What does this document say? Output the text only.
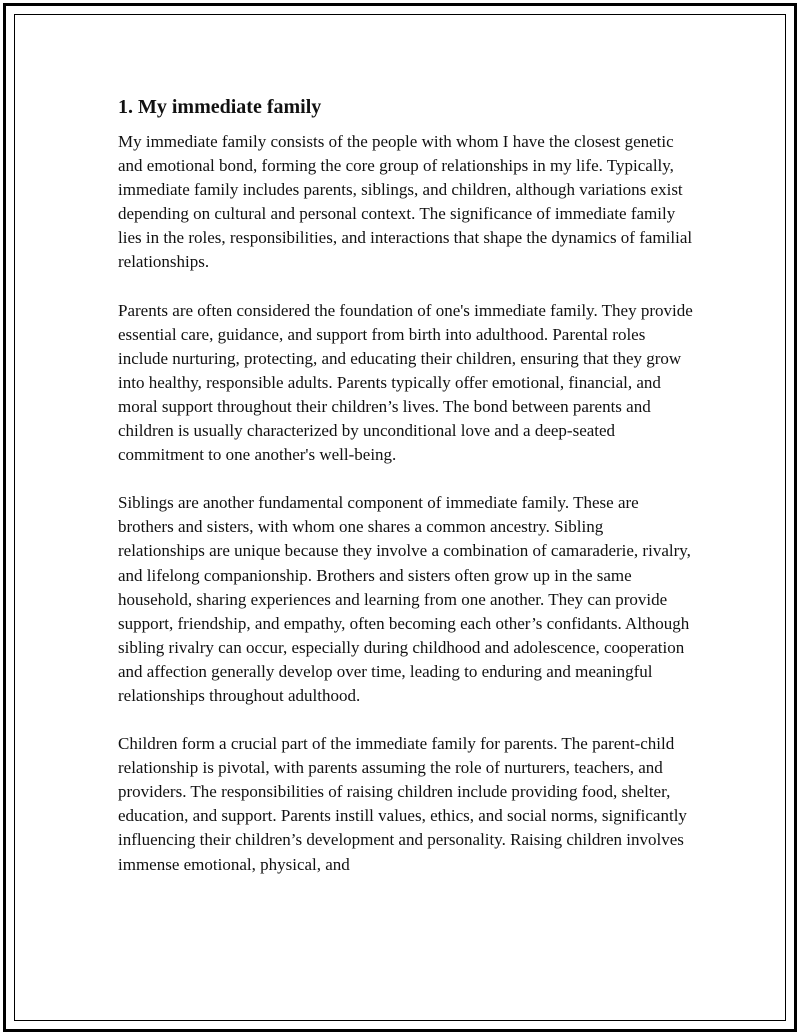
1. My immediate family

My immediate family consists of the people with whom I have the closest genetic and emotional bond, forming the core group of relationships in my life. Typically, immediate family includes parents, siblings, and children, although variations exist depending on cultural and personal context. The significance of immediate family lies in the roles, responsibilities, and interactions that shape the dynamics of familial relationships.

Parents are often considered the foundation of one's immediate family. They provide essential care, guidance, and support from birth into adulthood. Parental roles include nurturing, protecting, and educating their children, ensuring that they grow into healthy, responsible adults. Parents typically offer emotional, financial, and moral support throughout their children’s lives. The bond between parents and children is usually characterized by unconditional love and a deep-seated commitment to one another's well-being.

Siblings are another fundamental component of immediate family. These are brothers and sisters, with whom one shares a common ancestry. Sibling relationships are unique because they involve a combination of camaraderie, rivalry, and lifelong companionship. Brothers and sisters often grow up in the same household, sharing experiences and learning from one another. They can provide support, friendship, and empathy, often becoming each other’s confidants. Although sibling rivalry can occur, especially during childhood and adolescence, cooperation and affection generally develop over time, leading to enduring and meaningful relationships throughout adulthood.

Children form a crucial part of the immediate family for parents. The parent-child relationship is pivotal, with parents assuming the role of nurturers, teachers, and providers. The responsibilities of raising children include providing food, shelter, education, and support. Parents instill values, ethics, and social norms, significantly influencing their children’s development and personality. Raising children involves immense emotional, physical, and
